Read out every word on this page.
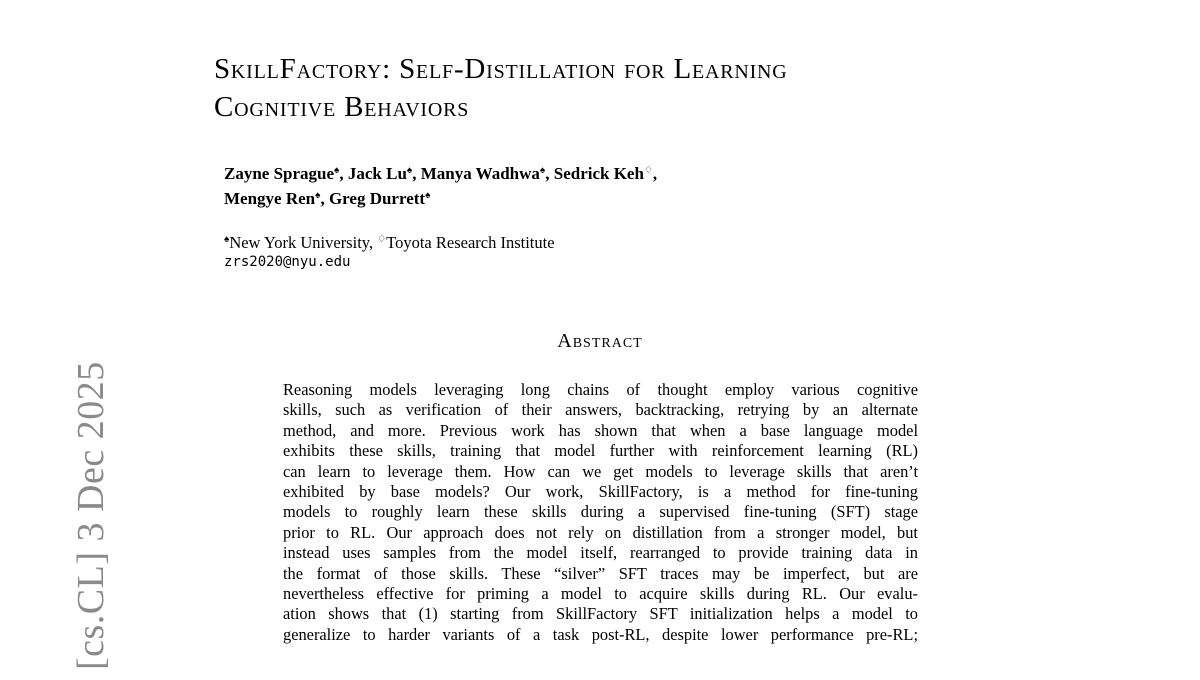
[cs.CL] 3 Dec 2025
SkillFactory: Self-Distillation for Learning
Cognitive Behaviors
Zayne Sprague♠, Jack Lu♠, Manya Wadhwa♠, Sedrick Keh♢,
Mengye Ren♠, Greg Durrett♠
♠New York University, ♢Toyota Research Institute
zrs2020@nyu.edu
Abstract
Reasoning models leveraging long chains of thought employ various cognitive
skills, such as verification of their answers, backtracking, retrying by an alternate
method, and more. Previous work has shown that when a base language model
exhibits these skills, training that model further with reinforcement learning (RL)
can learn to leverage them. How can we get models to leverage skills that aren’t
exhibited by base models? Our work, SkillFactory, is a method for fine-tuning
models to roughly learn these skills during a supervised fine-tuning (SFT) stage
prior to RL. Our approach does not rely on distillation from a stronger model, but
instead uses samples from the model itself, rearranged to provide training data in
the format of those skills. These “silver” SFT traces may be imperfect, but are
nevertheless effective for priming a model to acquire skills during RL. Our evalu-
ation shows that (1) starting from SkillFactory SFT initialization helps a model to
generalize to harder variants of a task post-RL, despite lower performance pre-RL;
